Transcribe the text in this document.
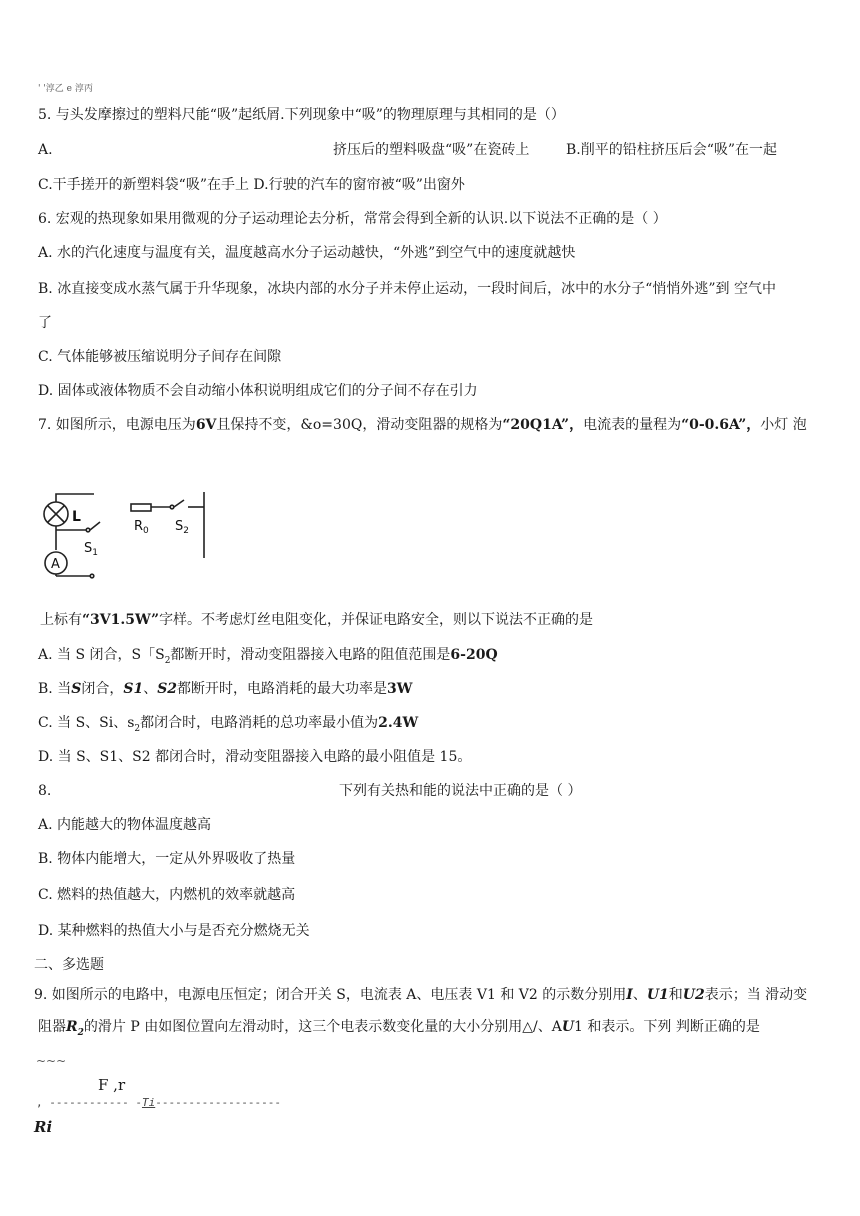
' '淳乙 e 淳丙
5. 与头发摩擦过的塑料尺能“吸”起纸屑.下列现象中“吸”的物理原理与其相同的是（）
A.	挤压后的塑料吸盘“吸”在瓷砖上	B.削平的铅柱挤压后会“吸”在一起
C.干手搓开的新塑料袋“吸”在手上 D.行驶的汽车的窗帘被“吸”出窗外
6. 宏观的热现象如果用微观的分子运动理论去分析，常常会得到全新的认识.以下说法不正确的是（ ）
A. 水的汽化速度与温度有关，温度越高水分子运动越快，“外逃”到空气中的速度就越快
B. 冰直接变成水蒸气属于升华现象，冰块内部的水分子并未停止运动，一段时间后，冰中的水分子“悄悄外逃”到 空气中
了
C. 气体能够被压缩说明分子间存在间隙
D. 固体或液体物质不会自动缩小体积说明组成它们的分子间不存在引力
7. 如图所示，电源电压为6V且保持不变，&o=30Q，滑动变阻器的规格为“20Q1A”，电流表的量程为“0-0.6A”，小灯 泡
L
A
$S_1$
$R_0$ $S_2$
上标有“3V1.5W”字样。不考虑灯丝电阻变化，并保证电路安全，则以下说法不正确的是
A. 当 S 闭合，S「$S_2$都断开时，滑动变阻器接入电路的阻值范围是6-20Q
B. 当S闭合，S1、S2都断开时，电路消耗的最大功率是3W
C. 当 S、Si、$s_2$都闭合时，电路消耗的总功率最小值为2.4W
D. 当 S、S1、S2 都闭合时，滑动变阻器接入电路的最小阻值是 15。
8.	下列有关热和能的说法中正确的是（ ）
A. 内能越大的物体温度越高
B. 物体内能增大，一定从外界吸收了热量
C. 燃料的热值越大，内燃机的效率就越高
D. 某种燃料的热值大小与是否充分燃烧无关
二、多选题
9. 如图所示的电路中，电源电压恒定；闭合开关 S，电流表 A、电压表 V1 和 V2 的示数分别用I、U1和U2表示；当 滑动变
阻器$R_2$的滑片 P 由如图位置向左滑动时，这三个电表示数变化量的大小分别用△/、AU1 和表示。下列 判断正确的是
~~~
F ,r
, ------------ -Ti-------------------
Ri
